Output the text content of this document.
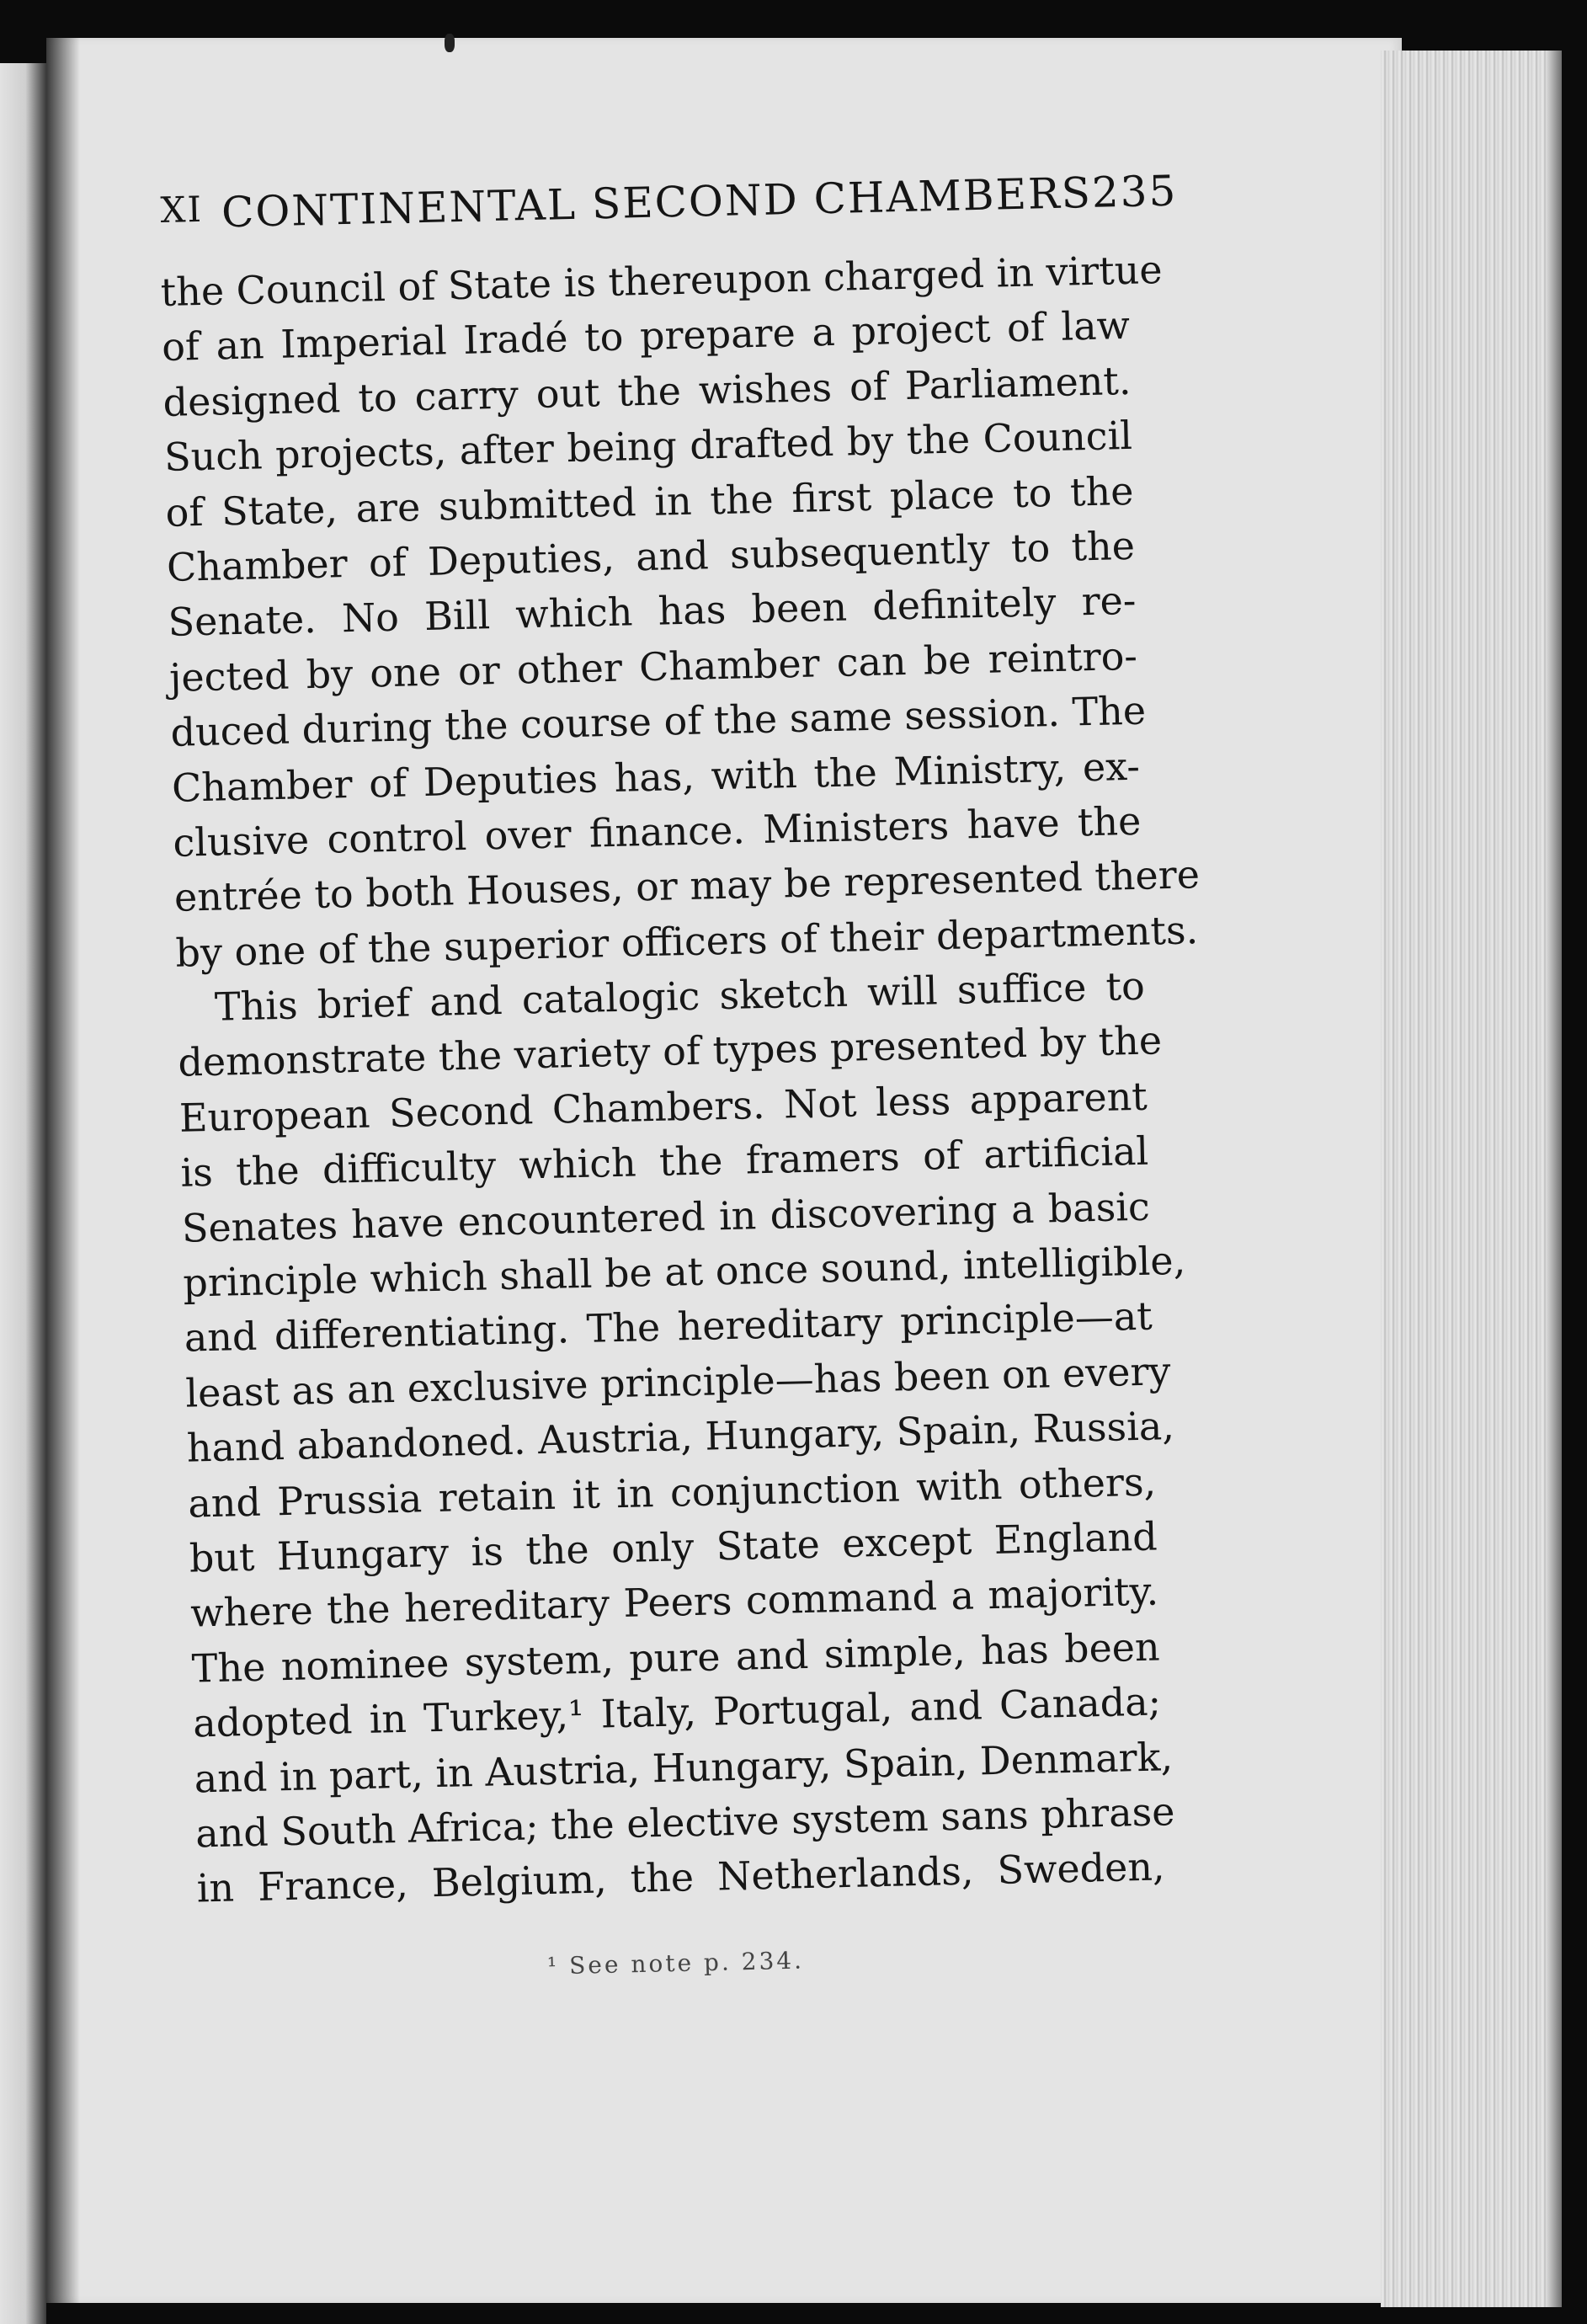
XI CONTINENTAL SECOND CHAMBERS
235
the Council of State is thereupon charged in virtue
of an Imperial Iradé to prepare a project of law
designed to carry out the wishes of Parliament.
Such projects, after being drafted by the Council
of State, are submitted in the first place to the
Chamber of Deputies, and subsequently to the
Senate. No Bill which has been definitely re-
jected by one or other Chamber can be reintro-
duced during the course of the same session. The
Chamber of Deputies has, with the Ministry, ex-
clusive control over finance. Ministers have the
entrée to both Houses, or may be represented there
by one of the superior officers of their departments.
This brief and catalogic sketch will suffice to
demonstrate the variety of types presented by the
European Second Chambers. Not less apparent
is the difficulty which the framers of artificial
Senates have encountered in discovering a basic
principle which shall be at once sound, intelligible,
and differentiating. The hereditary principle—at
least as an exclusive principle—has been on every
hand abandoned. Austria, Hungary, Spain, Russia,
and Prussia retain it in conjunction with others,
but Hungary is the only State except England
where the hereditary Peers command a majority.
The nominee system, pure and simple, has been
adopted in Turkey,¹ Italy, Portugal, and Canada;
and in part, in Austria, Hungary, Spain, Denmark,
and South Africa; the elective system sans phrase
in France, Belgium, the Netherlands, Sweden,
¹ See note p. 234.
